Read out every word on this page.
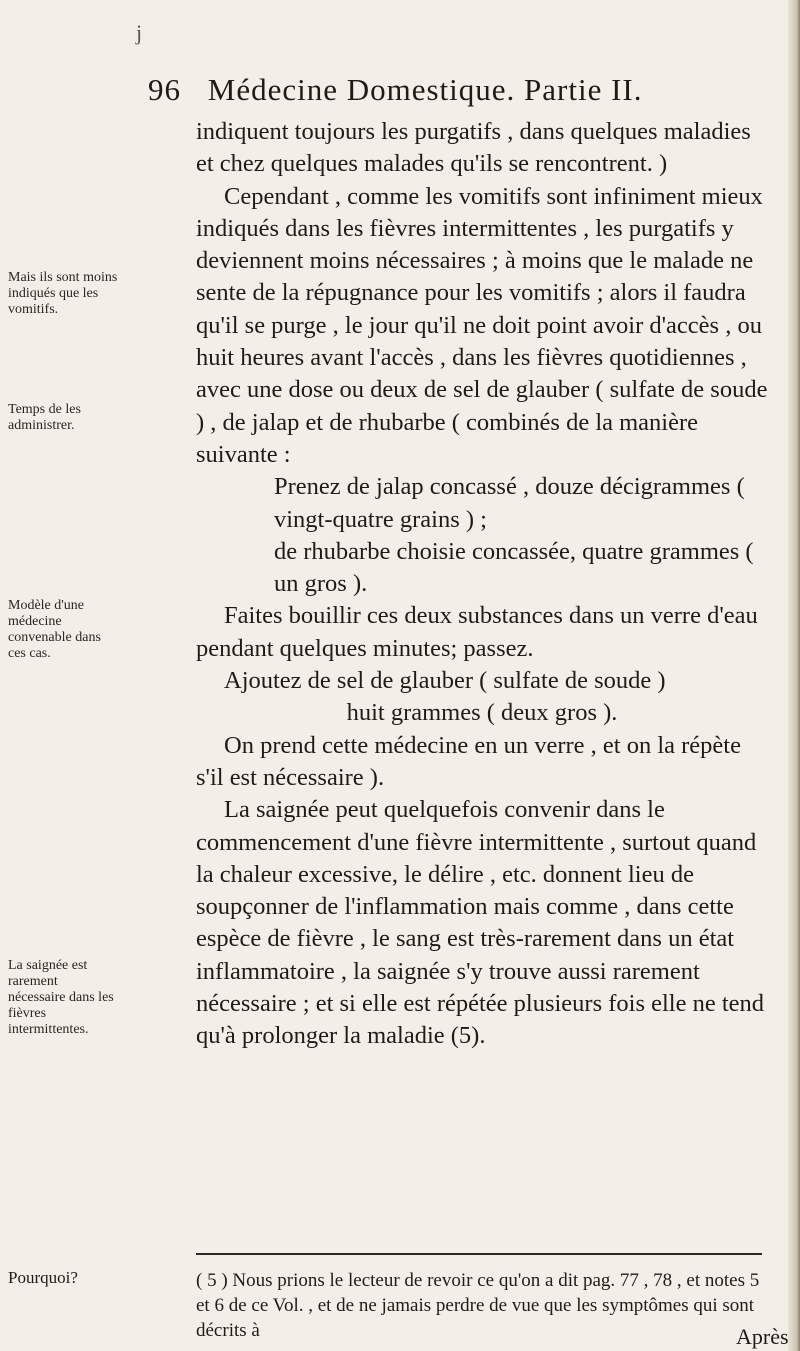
j
96 Médecine Domestique. Partie II.

indiquent toujours les purgatifs , dans quelques maladies et chez quelques malades qu'ils se rencontrent. )

Cependant , comme les vomitifs sont infiniment mieux indiqués dans les fièvres intermittentes , les purgatifs y deviennent moins nécessaires ; à moins que le malade ne sente de la répugnance pour les vomitifs ; alors il faudra

qu'il se purge , le jour qu'il ne doit point avoir d'accès , ou huit heures avant l'accès , dans les fièvres quotidiennes , avec une dose ou deux de sel de glauber ( sulfate de soude ) , de jalap et de rhubarbe ( combinés de la manière suivante :

Prenez de jalap concassé , douze décigrammes ( vingt-quatre grains ) ;

de rhubarbe choisie concassée, quatre grammes ( un gros ).

Faites bouillir ces deux substances dans un verre d'eau pendant quelques minutes; passez.

Ajoutez de sel de glauber ( sulfate de soude )

huit grammes ( deux gros ).

On prend cette médecine en un verre , et on la répète s'il est nécessaire ).

La saignée peut quelquefois convenir dans le commencement d'une fièvre intermittente , surtout quand la chaleur excessive, le délire , etc. donnent lieu de soupçonner de l'inflammation mais comme , dans cette espèce de fièvre , le sang est très-rarement dans un état inflammatoire , la saignée s'y trouve aussi rarement nécessaire ; et si elle est répétée plusieurs fois elle ne tend qu'à prolonger la maladie (5).

Mais ils sont moins indiqués que les vomitifs.
Temps de les administrer.
Modèle d'une médecine convenable dans ces cas.
La saignée est rarement nécessaire dans les fièvres intermittentes.
Pourquoi?	( 5 ) Nous prions le lecteur de revoir ce qu'on a dit pag. 77 , 78 , et notes 5 et 6 de ce Vol. , et de ne jamais perdre de vue que les symptômes qui sont décrits à	Après
